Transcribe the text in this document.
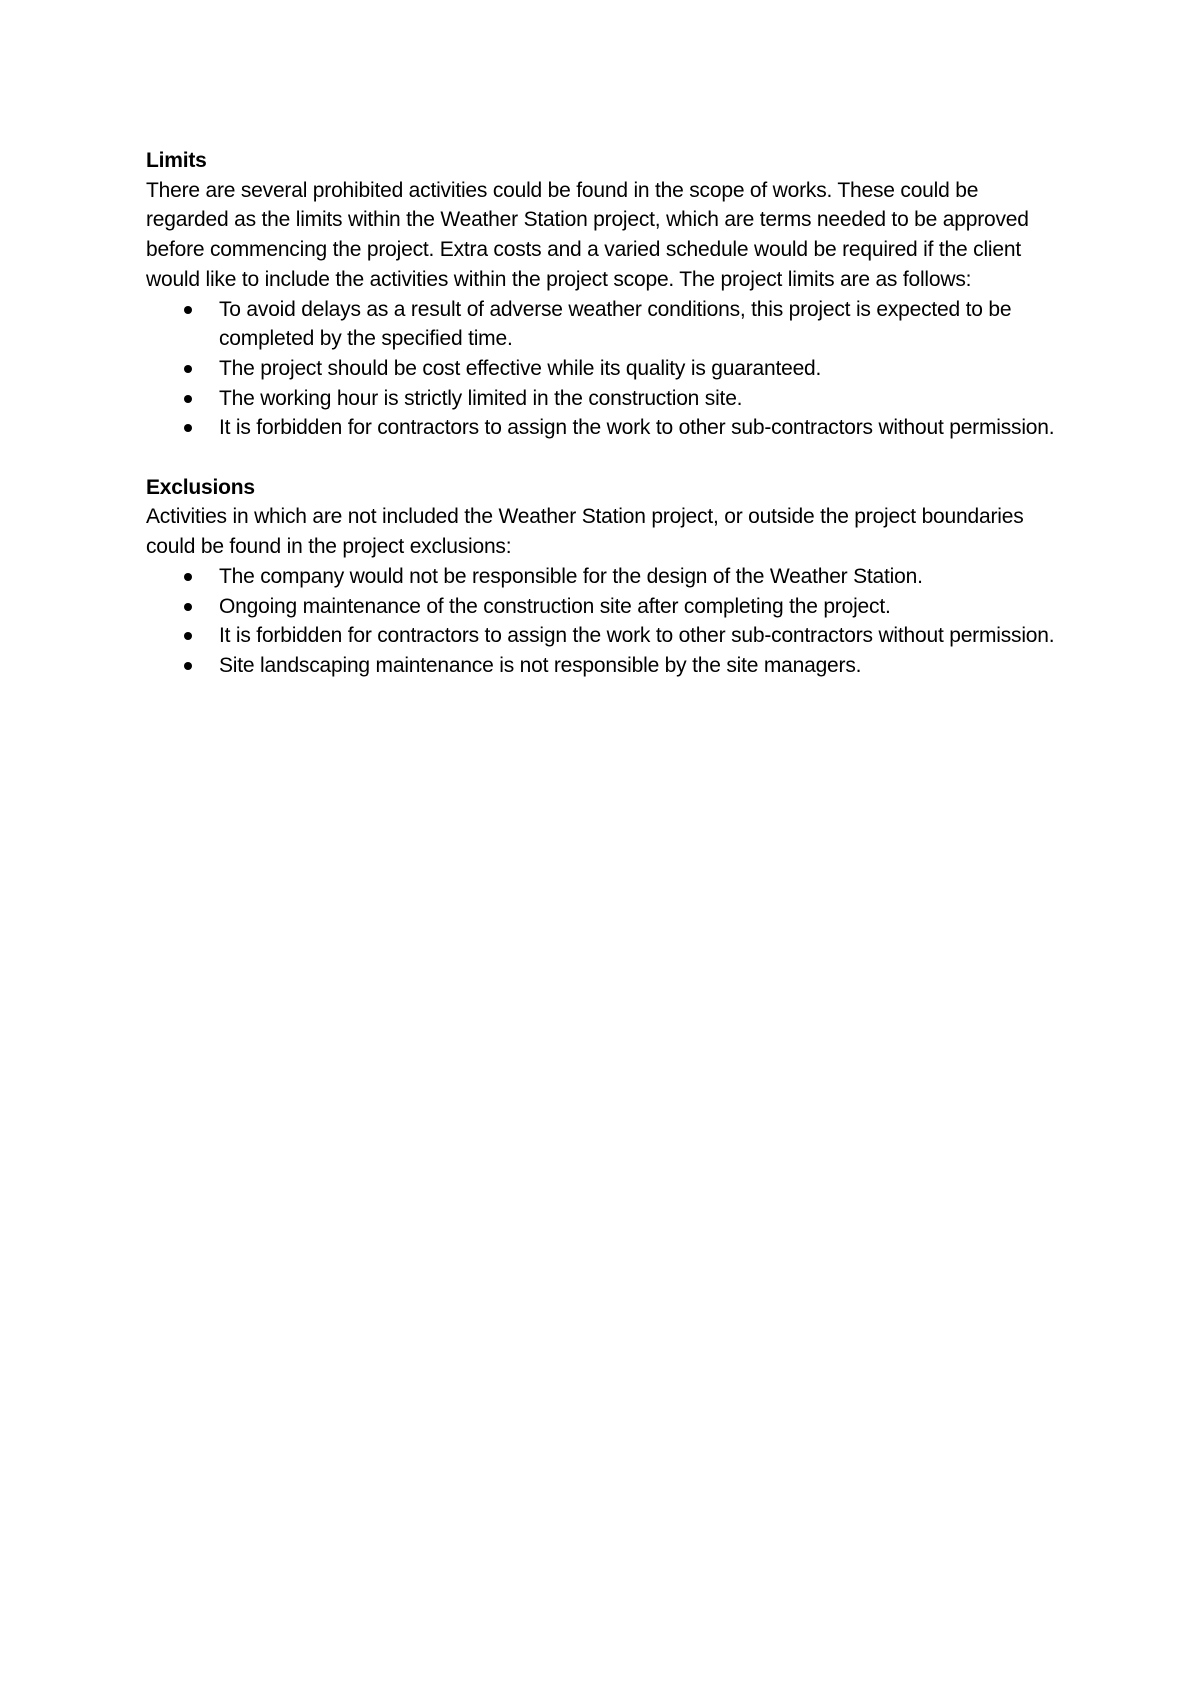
Limits

There are several prohibited activities could be found in the scope of works. These could be regarded as the limits within the Weather Station project, which are terms needed to be approved before commencing the project. Extra costs and a varied schedule would be required if the client would like to include the activities within the project scope. The project limits are as follows:

To avoid delays as a result of adverse weather conditions, this project is expected to be completed by the specified time.
The project should be cost effective while its quality is guaranteed.
The working hour is strictly limited in the construction site.
It is forbidden for contractors to assign the work to other sub-contractors without permission.

Exclusions

Activities in which are not included the Weather Station project, or outside the project boundaries could be found in the project exclusions:

The company would not be responsible for the design of the Weather Station.
Ongoing maintenance of the construction site after completing the project.
It is forbidden for contractors to assign the work to other sub-contractors without permission.
Site landscaping maintenance is not responsible by the site managers.
